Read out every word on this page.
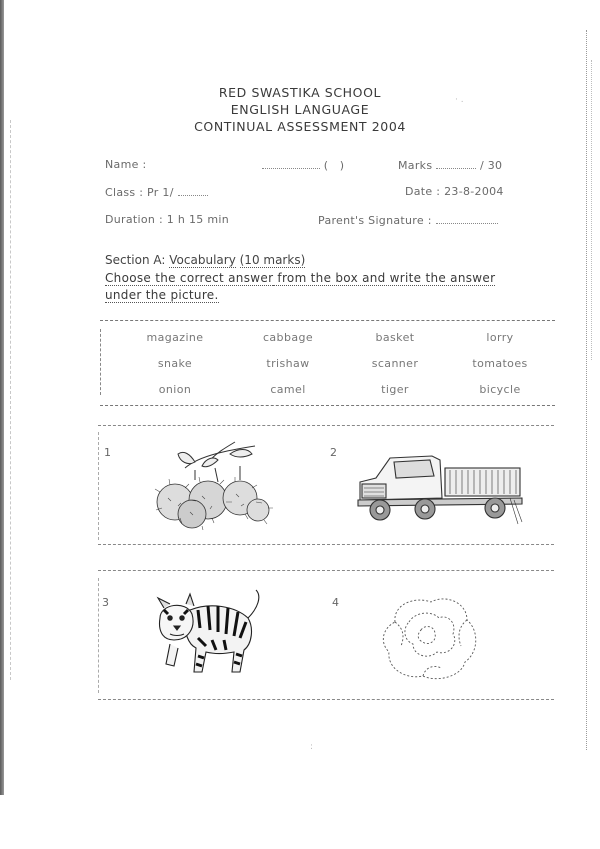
RED SWASTIKA SCHOOL
ENGLISH LANGUAGE
CONTINUAL ASSESSMENT 2004
· .
Name :	(   )	Marks	/ 30
Class : Pr 1/	Date : 23-8-2004
Duration : 1 h 15 min	Parent's Signature :
Section A: Vocabulary (10 marks)
Choose the correct answer from the box and write the answer
under the picture.
magazine	cabbage	basket	lorry
snake	trishaw	scanner	tomatoes
onion	camel	tiger	bicycle
1	2
3	4
:
